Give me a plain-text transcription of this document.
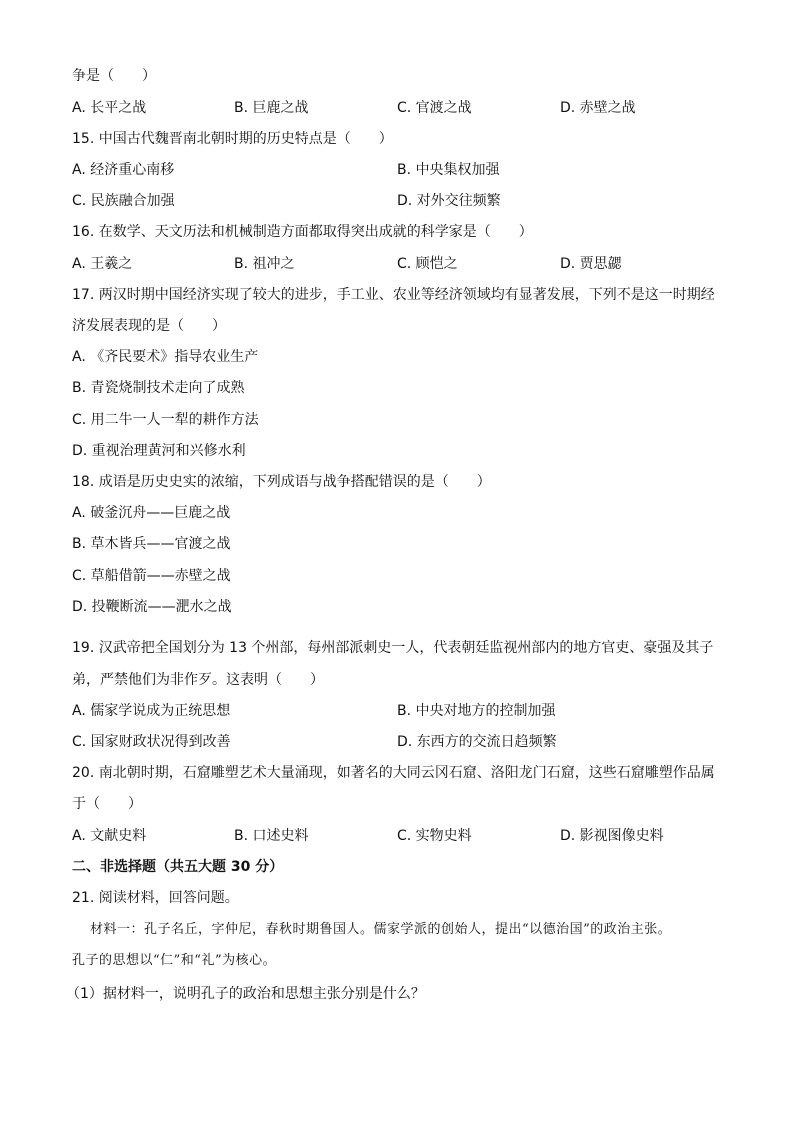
争是（　　）
A. 长平之战	B. 巨鹿之战	C. 官渡之战	D. 赤壁之战
15. 中国古代魏晋南北朝时期的历史特点是（　　）
A. 经济重心南移	B. 中央集权加强
C. 民族融合加强	D. 对外交往频繁
16. 在数学、天文历法和机械制造方面都取得突出成就的科学家是（　　）
A. 王羲之	B. 祖冲之	C. 顾恺之	D. 贾思勰
17. 两汉时期中国经济实现了较大的进步，手工业、农业等经济领域均有显著发展，下列不是这一时期经
济发展表现的是（　　）
A. 《齐民要术》指导农业生产
B. 青瓷烧制技术走向了成熟
C. 用二牛一人一犁的耕作方法
D. 重视治理黄河和兴修水利
18. 成语是历史史实的浓缩，下列成语与战争搭配错误的是（　　）
A. 破釜沉舟——巨鹿之战
B. 草木皆兵——官渡之战
C. 草船借箭——赤壁之战
D. 投鞭断流——淝水之战
19. 汉武帝把全国划分为 13 个州部，每州部派刺史一人，代表朝廷监视州部内的地方官吏、豪强及其子
弟，严禁他们为非作歹。这表明（　　）
A. 儒家学说成为正统思想	B. 中央对地方的控制加强
C. 国家财政状况得到改善	D. 东西方的交流日趋频繁
20. 南北朝时期，石窟雕塑艺术大量涌现，如著名的大同云冈石窟、洛阳龙门石窟，这些石窟雕塑作品属
于（　　）
A. 文献史料	B. 口述史料	C. 实物史料	D. 影视图像史料
二、非选择题（共五大题 30 分）
21. 阅读材料，回答问题。
材料一：孔子名丘，字仲尼，春秋时期鲁国人。儒家学派的创始人，提出“以德治国”的政治主张。
孔子的思想以“仁”和“礼”为核心。
（1）据材料一，说明孔子的政治和思想主张分别是什么？
